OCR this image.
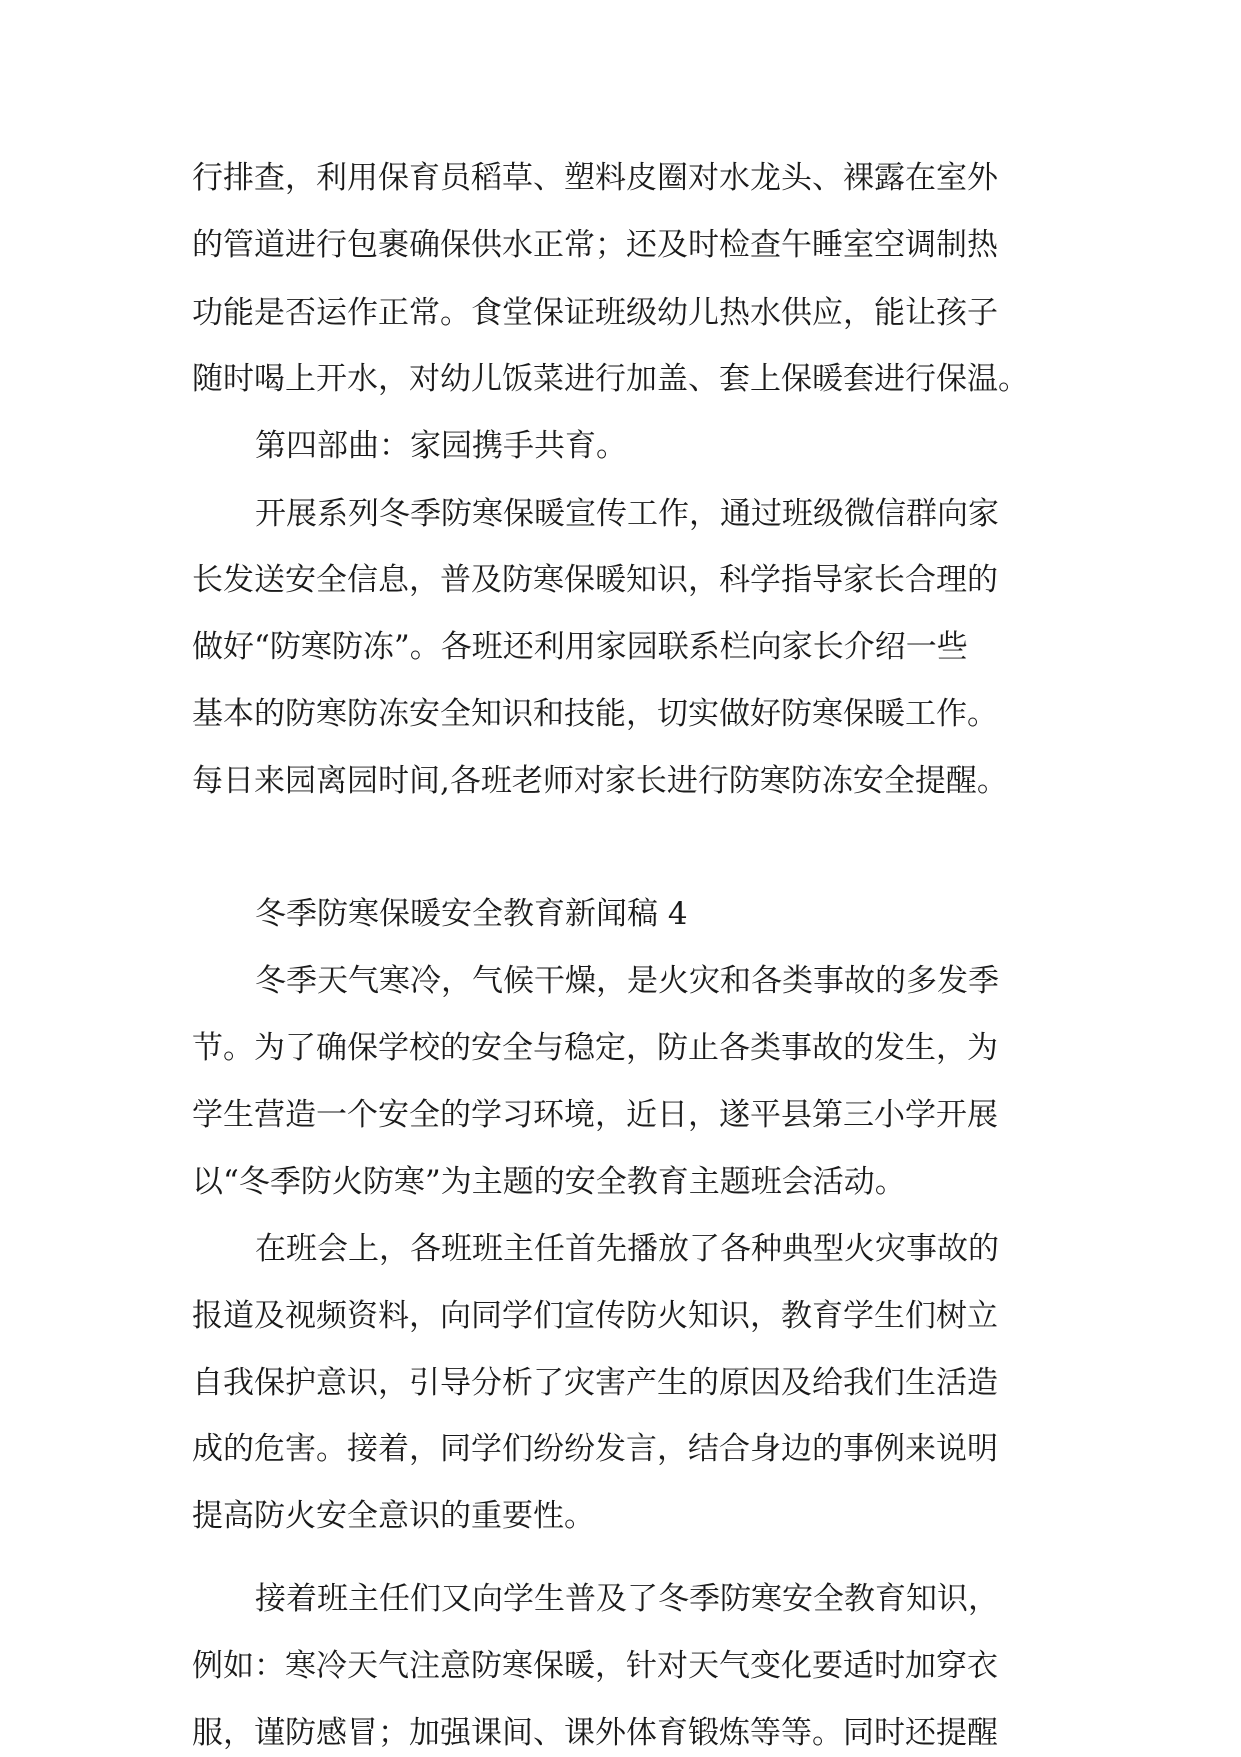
行排查，利用保育员稻草、塑料皮圈对水龙头、裸露在室外
的管道进行包裹确保供水正常；还及时检查午睡室空调制热
功能是否运作正常。食堂保证班级幼儿热水供应，能让孩子
随时喝上开水，对幼儿饭菜进行加盖、套上保暖套进行保温。
第四部曲：家园携手共育。
开展系列冬季防寒保暖宣传工作，通过班级微信群向家
长发送安全信息，普及防寒保暖知识，科学指导家长合理的
做好“防寒防冻”。各班还利用家园联系栏向家长介绍一些
基本的防寒防冻安全知识和技能，切实做好防寒保暖工作。
每日来园离园时间,各班老师对家长进行防寒防冻安全提醒。
冬季防寒保暖安全教育新闻稿 4
冬季天气寒冷，气候干燥，是火灾和各类事故的多发季
节。为了确保学校的安全与稳定，防止各类事故的发生，为
学生营造一个安全的学习环境，近日，遂平县第三小学开展
以“冬季防火防寒”为主题的安全教育主题班会活动。
在班会上，各班班主任首先播放了各种典型火灾事故的
报道及视频资料，向同学们宣传防火知识，教育学生们树立
自我保护意识，引导分析了灾害产生的原因及给我们生活造
成的危害。接着，同学们纷纷发言，结合身边的事例来说明
提高防火安全意识的重要性。
接着班主任们又向学生普及了冬季防寒安全教育知识，
例如：寒冷天气注意防寒保暖，针对天气变化要适时加穿衣
服，谨防感冒；加强课间、课外体育锻炼等等。同时还提醒
